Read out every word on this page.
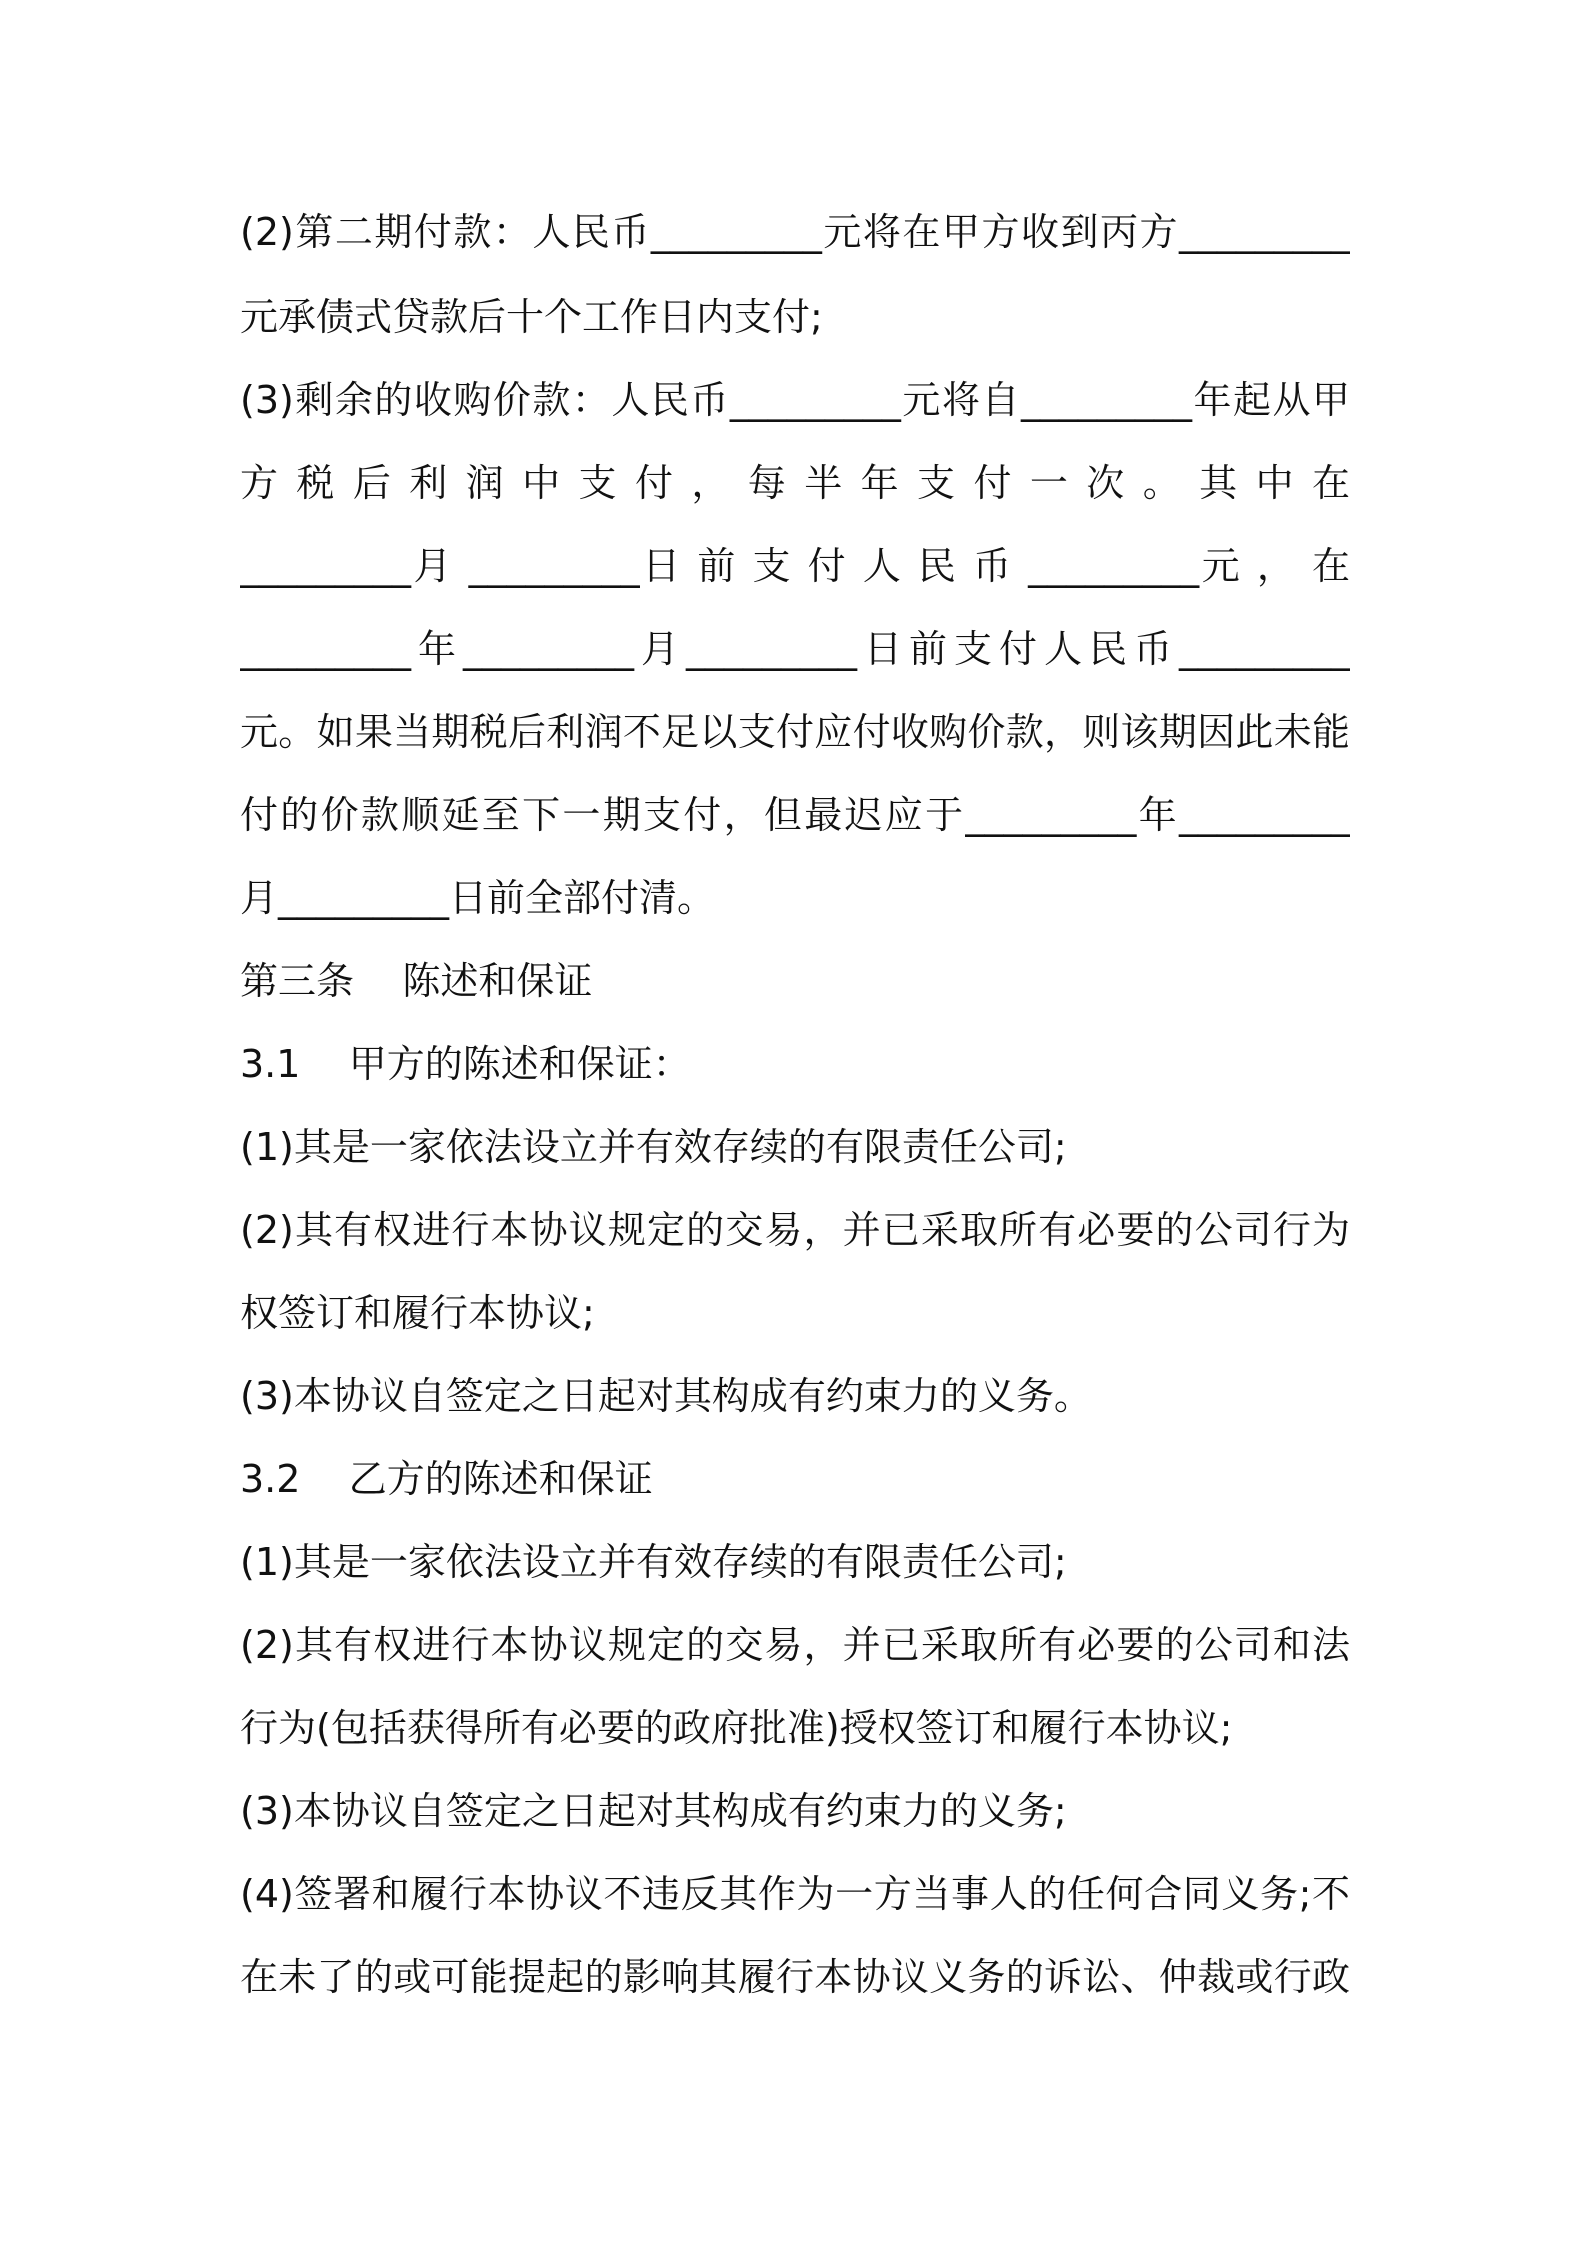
(2)第二期付款：人民币_________元将在甲方收到丙方_________
元承债式贷款后十个工作日内支付;
(3)剩余的收购价款：人民币_________元将自_________年起从甲
方 税 后 利 润 中 支 付 ， 每 半 年 支 付 一 次 。 其 中 在
_________月 _________日 前 支 付 人 民 币 _________元 ， 在
_________年_________月_________日前支付人民币_________
元。如果当期税后利润不足以支付应付收购价款，则该期因此未能
付的价款顺延至下一期支付，但最迟应于_________年_________
月_________日前全部付清。
第三条    陈述和保证
3.1    甲方的陈述和保证：
(1)其是一家依法设立并有效存续的有限责任公司;
(2)其有权进行本协议规定的交易，并已采取所有必要的公司行为
权签订和履行本协议;
(3)本协议自签定之日起对其构成有约束力的义务。
3.2    乙方的陈述和保证
(1)其是一家依法设立并有效存续的有限责任公司;
(2)其有权进行本协议规定的交易，并已采取所有必要的公司和法
行为(包括获得所有必要的政府批准)授权签订和履行本协议;
(3)本协议自签定之日起对其构成有约束力的义务;
(4)签署和履行本协议不违反其作为一方当事人的任何合同义务;不
在未了的或可能提起的影响其履行本协议义务的诉讼、仲裁或行政
